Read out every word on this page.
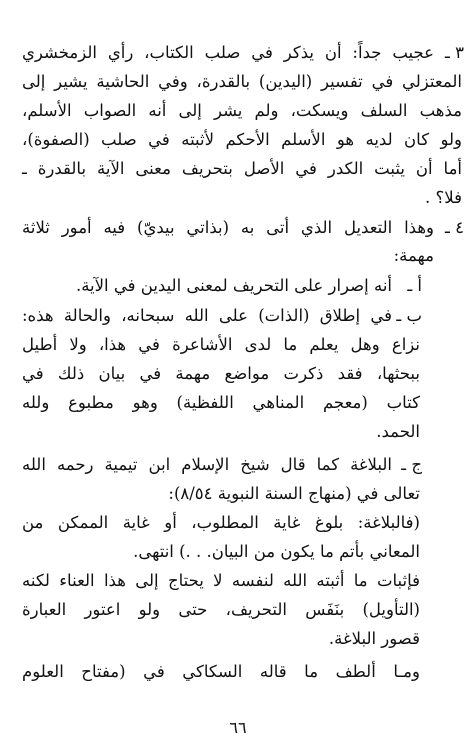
٣ ـ
عجيب جداً: أن يذكر في صلب الكتاب، رأي الزمخشري
المعتزلي في تفسير (اليدين) بالقدرة، وفي الحاشية يشير إلى
مذهب السلف ويسكت، ولم يشر إلى أنه الصواب الأسلم،
ولو كان لديه هو الأسلم الأحكم لأثبته في صلب (الصفوة)،
أما أن يثبت الكدر في الأصل بتحريف معنى الآية بالقدرة ـ
فلا؟ .
٤ ـ
وهذا التعديل الذي أتى به (بذاتي بيديّ) فيه أمور ثلاثة
مهمة:
أ ـ
أنه إصرار على التحريف لمعنى اليدين في الآية.
ب ـ
في إطلاق (الذات) على الله سبحانه، والحالة هذه:
نزاع وهل يعلم ما لدى الأشاعرة في هذا، ولا أطيل
ببحثها، فقد ذكرت مواضع مهمة في بيان ذلك في
كتاب (معجم المناهي اللفظية) وهو مطبوع ولله
الحمد.
ج ـ
البلاغة كما قال شيخ الإسلام ابن تيمية رحمه الله
تعالى في (منهاج السنة النبوية ٨/٥٤):
(فالبلاغة: بلوغ غاية المطلوب، أو غاية الممكن من
المعاني بأتم ما يكون من البيان. . .) انتهى.
فإثبات ما أثبته الله لنفسه لا يحتاج إلى هذا العناء لكنه
(التأويل) بنَفَس التحريف، حتى ولو اعتور العبارة
قصور البلاغة.
ومـا ألطف ما قاله السكاكي في (مفتاح العلوم
٦٦
